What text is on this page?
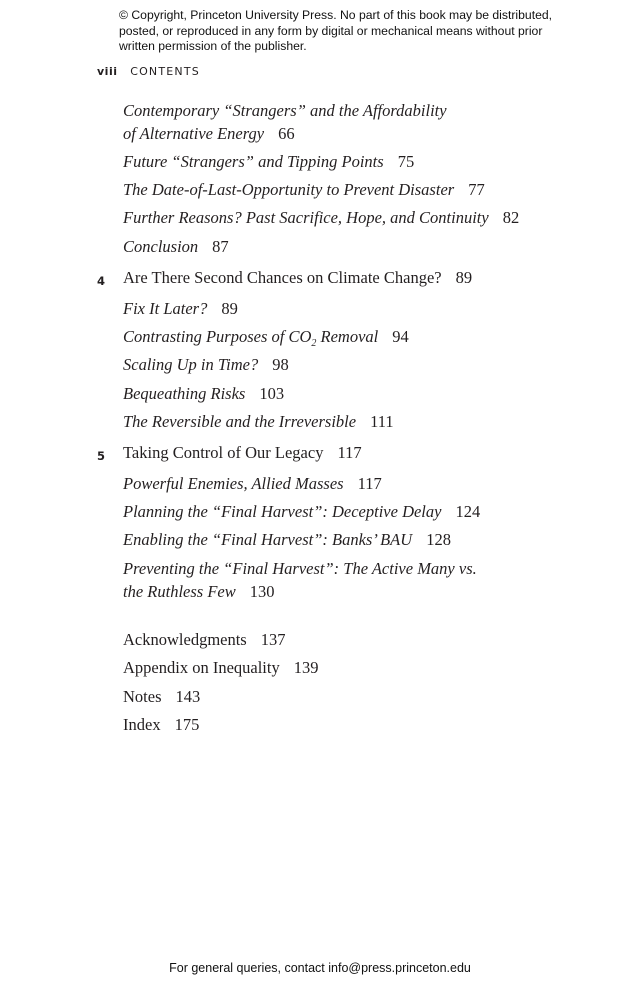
© Copyright, Princeton University Press. No part of this book may be distributed, posted, or reproduced in any form by digital or mechanical means without prior written permission of the publisher.
viii CONTENTS
Contemporary “Strangers” and the Affordability
of Alternative Energy 66
Future “Strangers” and Tipping Points 75
The Date-of-Last-Opportunity to Prevent Disaster 77
Further Reasons? Past Sacrifice, Hope, and Continuity 82
Conclusion 87
4 Are There Second Chances on Climate Change? 89
Fix It Later? 89
Contrasting Purposes of $CO_2$ Removal 94
Scaling Up in Time? 98
Bequeathing Risks 103
The Reversible and the Irreversible 111
5 Taking Control of Our Legacy 117
Powerful Enemies, Allied Masses 117
Planning the “Final Harvest”: Deceptive Delay 124
Enabling the “Final Harvest”: Banks’ BAU 128
Preventing the “Final Harvest”: The Active Many vs.
the Ruthless Few 130
Acknowledgments 137
Appendix on Inequality 139
Notes 143
Index 175
For general queries, contact info@press.princeton.edu
